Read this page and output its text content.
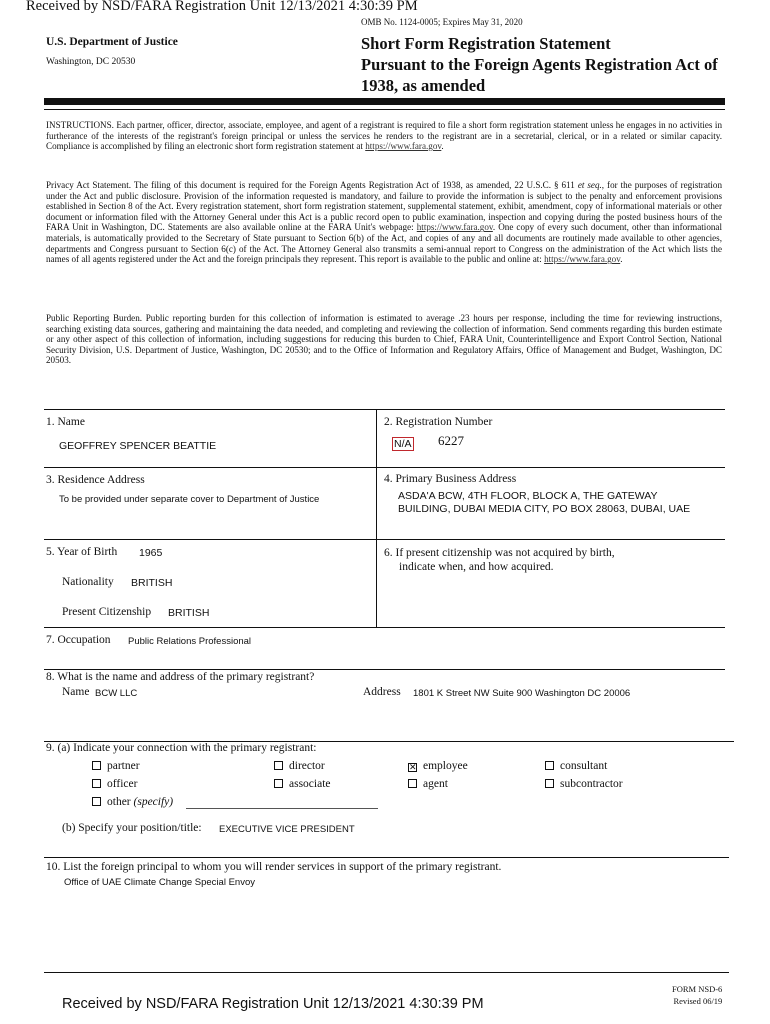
Received by NSD/FARA Registration Unit 12/13/2021 4:30:39 PM
OMB No. 1124-0005; Expires May 31, 2020
U.S. Department of Justice
Washington, DC 20530
Short Form Registration Statement
Pursuant to the Foreign Agents Registration Act of
1938, as amended
INSTRUCTIONS. Each partner, officer, director, associate, employee, and agent of a registrant is required to file a short form registration statement unless he engages in no activities in furtherance of the interests of the registrant's foreign principal or unless the services he renders to the registrant are in a secretarial, clerical, or in a related or similar capacity. Compliance is accomplished by filing an electronic short form registration statement at https://www.fara.gov.
Privacy Act Statement. The filing of this document is required for the Foreign Agents Registration Act of 1938, as amended, 22 U.S.C. § 611 et seq., for the purposes of registration under the Act and public disclosure. Provision of the information requested is mandatory, and failure to provide the information is subject to the penalty and enforcement provisions established in Section 8 of the Act. Every registration statement, short form registration statement, supplemental statement, exhibit, amendment, copy of informational materials or other document or information filed with the Attorney General under this Act is a public record open to public examination, inspection and copying during the posted business hours of the FARA Unit in Washington, DC. Statements are also available online at the FARA Unit's webpage: https://www.fara.gov. One copy of every such document, other than informational materials, is automatically provided to the Secretary of State pursuant to Section 6(b) of the Act, and copies of any and all documents are routinely made available to other agencies, departments and Congress pursuant to Section 6(c) of the Act. The Attorney General also transmits a semi-annual report to Congress on the administration of the Act which lists the names of all agents registered under the Act and the foreign principals they represent. This report is available to the public and online at: https://www.fara.gov.
Public Reporting Burden. Public reporting burden for this collection of information is estimated to average .23 hours per response, including the time for reviewing instructions, searching existing data sources, gathering and maintaining the data needed, and completing and reviewing the collection of information. Send comments regarding this burden estimate or any other aspect of this collection of information, including suggestions for reducing this burden to Chief, FARA Unit, Counterintelligence and Export Control Section, National Security Division, U.S. Department of Justice, Washington, DC 20530; and to the Office of Information and Regulatory Affairs, Office of Management and Budget, Washington, DC 20503.
1. Name
GEOFFREY SPENCER BEATTIE
2. Registration Number
N/A 6227
3. Residence Address
To be provided under separate cover to Department of Justice
4. Primary Business Address
ASDA'A BCW, 4TH FLOOR, BLOCK A, THE GATEWAY
BUILDING, DUBAI MEDIA CITY, PO BOX 28063, DUBAI, UAE
5. Year of Birth 1965
Nationality BRITISH
Present Citizenship BRITISH
6. If present citizenship was not acquired by birth,
indicate when, and how acquired.
7. Occupation Public Relations Professional
8. What is the name and address of the primary registrant?
Name BCW LLC	Address 1801 K Street NW Suite 900 Washington DC 20006
9. (a) Indicate your connection with the primary registrant:
partner	director	✕ employee	consultant
officer	associate	agent	subcontractor
other (specify)
(b) Specify your position/title: EXECUTIVE VICE PRESIDENT
10. List the foreign principal to whom you will render services in support of the primary registrant.
Office of UAE Climate Change Special Envoy
FORM NSD-6
Revised 06/19
Received by NSD/FARA Registration Unit 12/13/2021 4:30:39 PM
